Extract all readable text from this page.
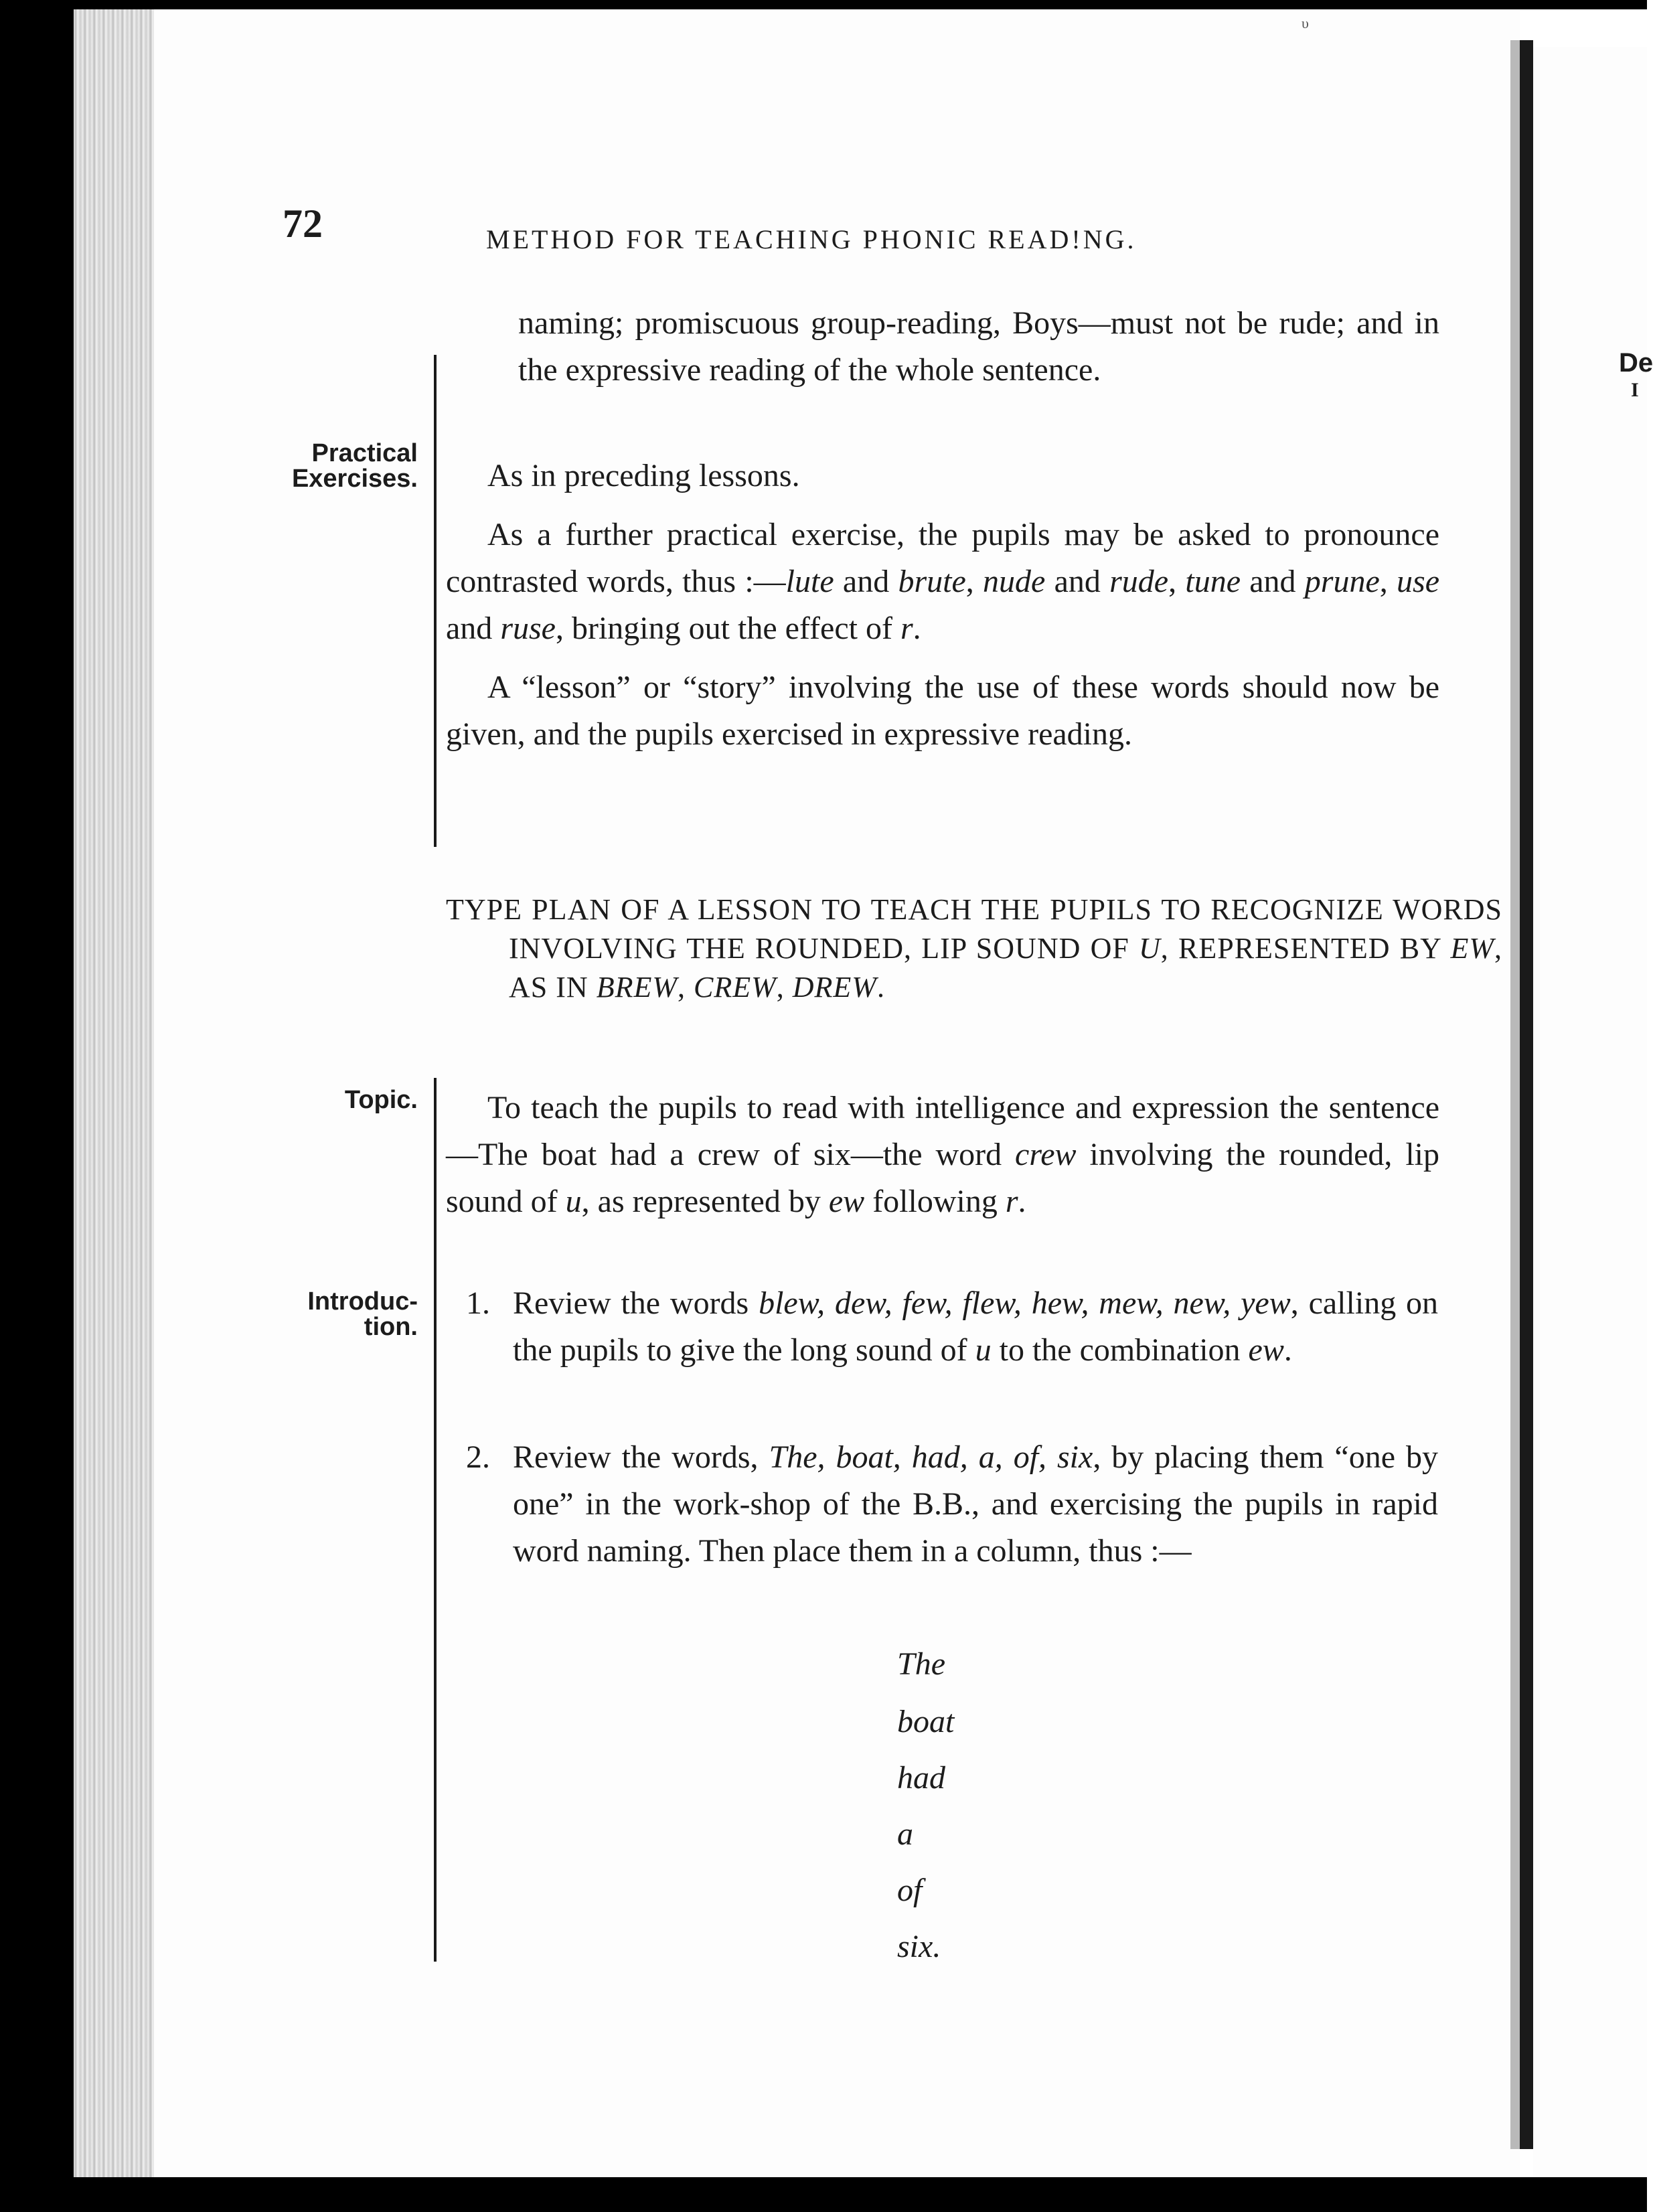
De
I
72	METHOD FOR TEACHING PHONIC READ!NG.
Practical
Exercises.
Topic.
Introduc-
tion.

naming; promiscuous group-reading, Boys—must not be rude; and in the expressive reading of the whole sentence.

As in preceding lessons.

As a further practical exercise, the pupils may be asked to pronounce contrasted words, thus :—lute and brute, nude and rude, tune and prune, use and ruse, bringing out the effect of r.

A “lesson” or “story” involving the use of these words should now be given, and the pupils exercised in expressive reading.

TYPE PLAN OF A LESSON TO TEACH THE PUPILS TO RECOGNIZE WORDS INVOLVING THE ROUNDED, LIP SOUND OF U, REPRESENTED BY EW, AS IN BREW, CREW, DREW.

To teach the pupils to read with intelligence and expression the sentence—The boat had a crew of six—the word crew involving the rounded, lip sound of u, as represented by ew following r.

1. Review the words blew, dew, few, flew, hew, mew, new, yew, calling on the pupils to give the long sound of u to the combination ew.
2. Review the words, The, boat, had, a, of, six, by placing them “one by one” in the work-shop of the B.B., and exercising the pupils in rapid word naming. Then place them in a column, thus :—
The
boat
had
a
of
six.
υ
